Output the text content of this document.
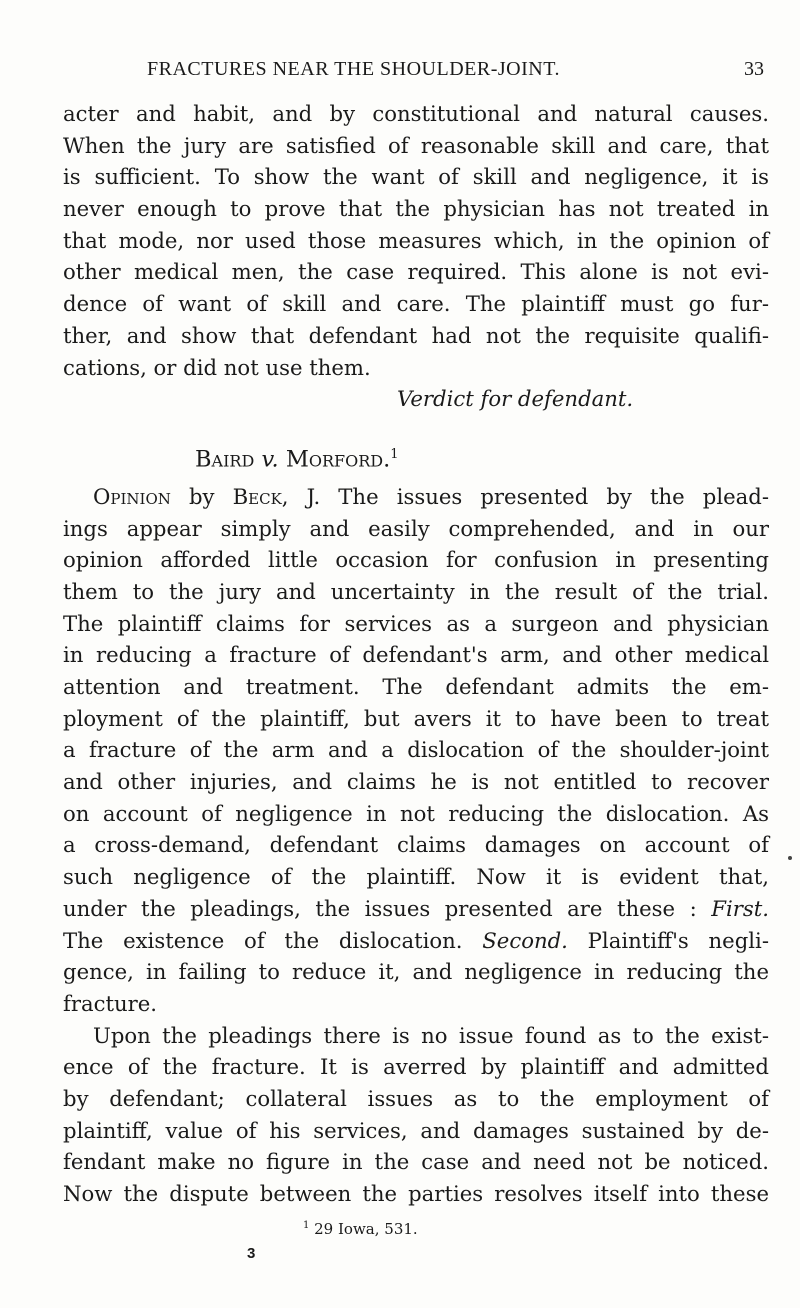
FRACTURES NEAR THE SHOULDER-JOINT.	33
acter and habit, and by constitutional and natural causes.
When the jury are satisfied of reasonable skill and care, that
is sufficient. To show the want of skill and negligence, it is
never enough to prove that the physician has not treated in
that mode, nor used those measures which, in the opinion of
other medical men, the case required. This alone is not evi-
dence of want of skill and care. The plaintiff must go fur-
ther, and show that defendant had not the requisite qualifi-
cations, or did not use them.
Verdict for defendant.
Baird v. Morford.$^1$
Opinion by Beck, J. The issues presented by the plead-
ings appear simply and easily comprehended, and in our
opinion afforded little occasion for confusion in presenting
them to the jury and uncertainty in the result of the trial.
The plaintiff claims for services as a surgeon and physician
in reducing a fracture of defendant's arm, and other medical
attention and treatment. The defendant admits the em-
ployment of the plaintiff, but avers it to have been to treat
a fracture of the arm and a dislocation of the shoulder-joint
and other injuries, and claims he is not entitled to recover
on account of negligence in not reducing the dislocation. As
a cross-demand, defendant claims damages on account of
such negligence of the plaintiff. Now it is evident that,
under the pleadings, the issues presented are these : First.
The existence of the dislocation. Second. Plaintiff's negli-
gence, in failing to reduce it, and negligence in reducing the
fracture.
Upon the pleadings there is no issue found as to the exist-
ence of the fracture. It is averred by plaintiff and admitted
by defendant; collateral issues as to the employment of
plaintiff, value of his services, and damages sustained by de-
fendant make no figure in the case and need not be noticed.
Now the dispute between the parties resolves itself into these
$^1$ 29 Iowa, 531.
3
